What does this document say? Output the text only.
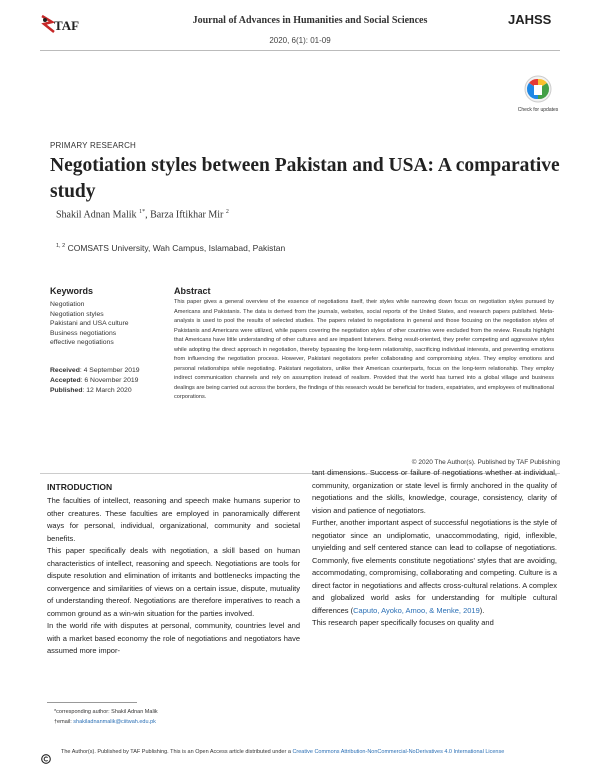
TAF	Journal of Advances in Humanities and Social Sciences
2020, 6(1): 01-09
JAHSS
Check for updates
PRIMARY RESEARCH
Negotiation styles between Pakistan and USA: A comparative study
Shakil Adnan Malik $^{1*}$, Barza Iftikhar Mir $^2$
$^{1, 2}$ COMSATS University, Wah Campus, Islamabad, Pakistan
Keywords
Negotiation
Negotiation styles
Pakistani and USA culture
Business negotiations
effective negotiations
Received: 4 September 2019
Accepted: 6 November 2019
Published: 12 March 2020
Abstract
This paper gives a general overview of the essence of negotiations itself, their styles while narrowing down focus on negotiation styles pursued by Americans and Pakistanis. The data is derived from the journals, websites, social reports of the United States, and research papers published. Meta-analysis is used to pool the results of selected studies. The papers related to negotiations in general and those focusing on the negotiation styles of Pakistanis and Americans were utilized, while papers covering the negotiation styles of other countries were excluded from the review. Results highlight that Americans have little understanding of other cultures and are impatient listeners. Being result-oriented, they prefer competing and aggressive styles while adopting the direct approach in negotiation, thereby bypassing the long-term relationship, sacrificing individual interests, and preventing emotions from influencing the negotiation process. However, Pakistani negotiators prefer collaborating and compromising styles. They employ emotions and personal relationships while negotiating. Pakistani negotiators, unlike their American counterparts, focus on the long-term relationship. They employ indirect communication channels and rely on assumption instead of realism. Provided that the world has turned into a global village and business dealings are being carried out across the borders, the findings of this research would be beneficial for traders, expatriates, and employees of multinational corporations.
© 2020 The Author(s). Published by TAF Publishing
INTRODUCTION

The faculties of intellect, reasoning and speech make humans superior to other creatures. These faculties are employed in panoramically different ways for personal, individual, organizational, community and societal benefits.

This paper specifically deals with negotiation, a skill based on human characteristics of intellect, reasoning and speech. Negotiations are tools for dispute resolution and elimination of irritants and bottlenecks impacting the convergence and similarities of views on a certain issue, dispute, mutuality of understanding thereof. Negotiations are therefore imperatives to reach a common ground as a win-win situation for the parties involved.

In the world rife with disputes at personal, community, countries level and with a market based economy the role of negotiations and negotiators have assumed more impor-

tant dimensions. Success or failure of negotiations whether at individual, community, organization or state level is firmly anchored in the quality of negotiations and the skills, knowledge, courage, consistency, clarity of vision and patience of negotiators.

Further, another important aspect of successful negotiations is the style of negotiator since an undiplomatic, unaccommodating, rigid, inflexible, unyielding and self centered stance can lead to collapse of negotiations. Commonly, five elements constitute negotiations' styles that are avoiding, accommodating, compromising, collaborating and competing. Culture is a direct factor in negotiations and affects cross-cultural relations. A complex and globalized world asks for understanding for multiple cultural differences (Caputo, Ayoko, Amoo, & Menke, 2019).

This research paper specifically focuses on quality and

*corresponding author: Shakil Adnan Malik
†email: shakiladnanmalik@ciitwah.edu.pk
The Author(s). Published by TAF Publishing. This is an Open Access article distributed under a Creative Commons Attribution-NonCommercial-NoDerivatives 4.0 International License
